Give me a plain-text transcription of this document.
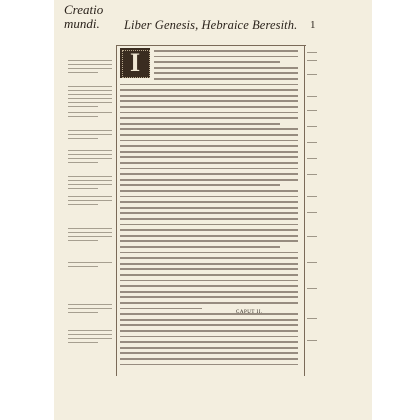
Creatio
mundi.	Liber Genesis, Hebraice Beresith. 1
I
CAPUT II.
